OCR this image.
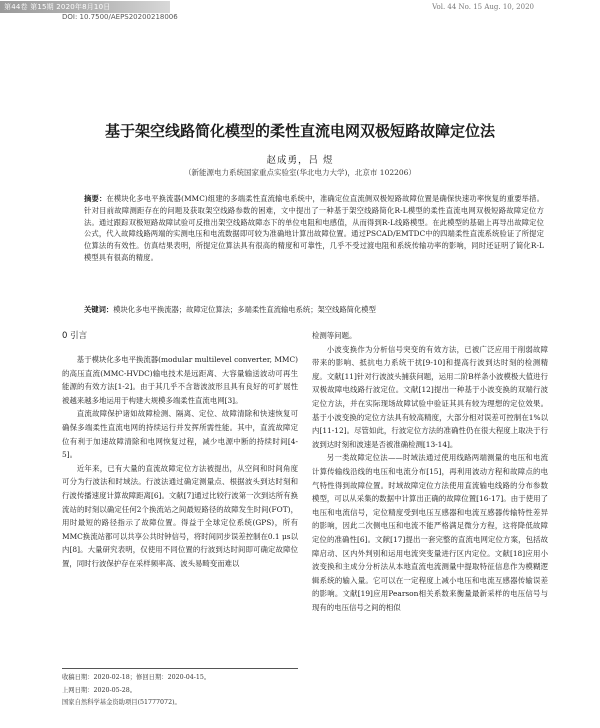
第44卷 第15期 2020年8月10日	Vol. 44 No. 15 Aug. 10, 2020
DOI: 10.7500/AEPS20200218006
基于架空线路简化模型的柔性直流电网双极短路故障定位法
赵成勇，吕 煜
（新能源电力系统国家重点实验室(华北电力大学)，北京市 102206）
摘要：在模块化多电平换流器(MMC)组建的多端柔性直流输电系统中，准确定位直流侧双极短路故障位置是确保快速功率恢复的重要举措。针对目前故障测距存在的问题及获取架空线路参数的困难，文中提出了一种基于架空线路简化R-L模型的柔性直流电网双极短路故障定位方法。通过跟踪双极短路故障试验可反推出架空线路故障态下的单位电阻和电感值，从而得到R-L线路模型。在此模型的基础上再导出故障定位公式，代入故障线路两端的实测电压和电流数据即可较为准确地计算出故障位置。通过PSCAD/EMTDC中的四端柔性直流系统验证了所提定位算法的有效性。仿真结果表明，所提定位算法具有很高的精度和可靠性，几乎不受过渡电阻和系统传输功率的影响，同时还证明了简化R-L模型具有很高的精度。
关键词：模块化多电平换流器；故障定位算法；多端柔性直流输电系统；架空线路简化模型
0 引言

基于模块化多电平换流器(modular multilevel converter, MMC)的高压直流(MMC-HVDC)输电技术是远距离、大容量输送波动可再生能源的有效方法[1-2]。由于其几乎不含谐波波形且具有良好的可扩展性被越来越多地运用于构建大规模多端柔性直流电网[3]。

直流故障保护诸如故障检测、隔离、定位、故障清除和快速恢复可确保多端柔性直流电网的持续运行并发挥所需性能。其中，直流故障定位有利于加速故障清除和电网恢复过程，减少电源中断的持续时间[4-5]。

近年来，已有大量的直流故障定位方法被提出，从空间和时间角度可分为行波法和时域法。行波法通过确定测量点、根据波头到达时刻和行波传播速度计算故障距离[6]。文献[7]通过比较行波第一次到达所有换流站的时刻以确定任何2个换流站之间最短路径的故障发生时间(FOT)，用时最短的路径指示了故障位置。得益于全球定位系统(GPS)，所有MMC换流站都可以共享公共时钟信号，将时间同步误差控制在0.1 μs以内[8]。大量研究表明，仅使用不同位置的行波到达时间即可确定故障位置，同时行波保护存在采样频率高、波头易畸变而难以

检测等问题。

小波变换作为分析信号突变的有效方法，已被广泛应用于削弱故障带来的影响、抵抗电力系统干扰[9-10]和提高行波到达时刻的检测精度。文献[11]针对行波波头捕获问题，运用二阶B样条小波模极大值进行双极故障电线路行波定位。文献[12]提出一种基于小波变换的双端行波定位方法，并在实际现场故障试验中验证其具有较为理想的定位效果。基于小波变换的定位方法具有较高精度，大部分相对误差可控制在1%以内[11-12]。尽管如此，行波定位方法的准确性仍在很大程度上取决于行波到达时刻和波速是否被准确检测[13-14]。

另一类故障定位法——时域法通过使用线路两端测量的电压和电流计算传输线沿线的电压和电流分布[15]，再利用波动方程和故障点的电气特性得到故障位置。时域故障定位方法使用直流输电线路的分布参数模型，可以从采集的数据中计算出正确的故障位置[16-17]。由于使用了电压和电流信号，定位精度受到电压互感器和电流互感器传输特性差异的影响，因此二次侧电压和电流不能严格满足微分方程，这将降低故障定位的准确性[6]。文献[17]提出一套完整的直流电网定位方案，包括故障启动、区内外判别和运用电流突变量进行区内定位。文献[18]应用小波变换和主成分分析法从本地直流电流测量中提取特征信息作为模糊逻辑系统的输入量。它可以在一定程度上减小电压和电流互感器传输误差的影响。文献[19]应用Pearson相关系数来衡量最新采样的电压信号与现有的电压信号之间的相似

收稿日期：2020-02-18；修回日期：2020-04-15。
上网日期：2020-05-28。
国家自然科学基金资助项目(51777072)。
